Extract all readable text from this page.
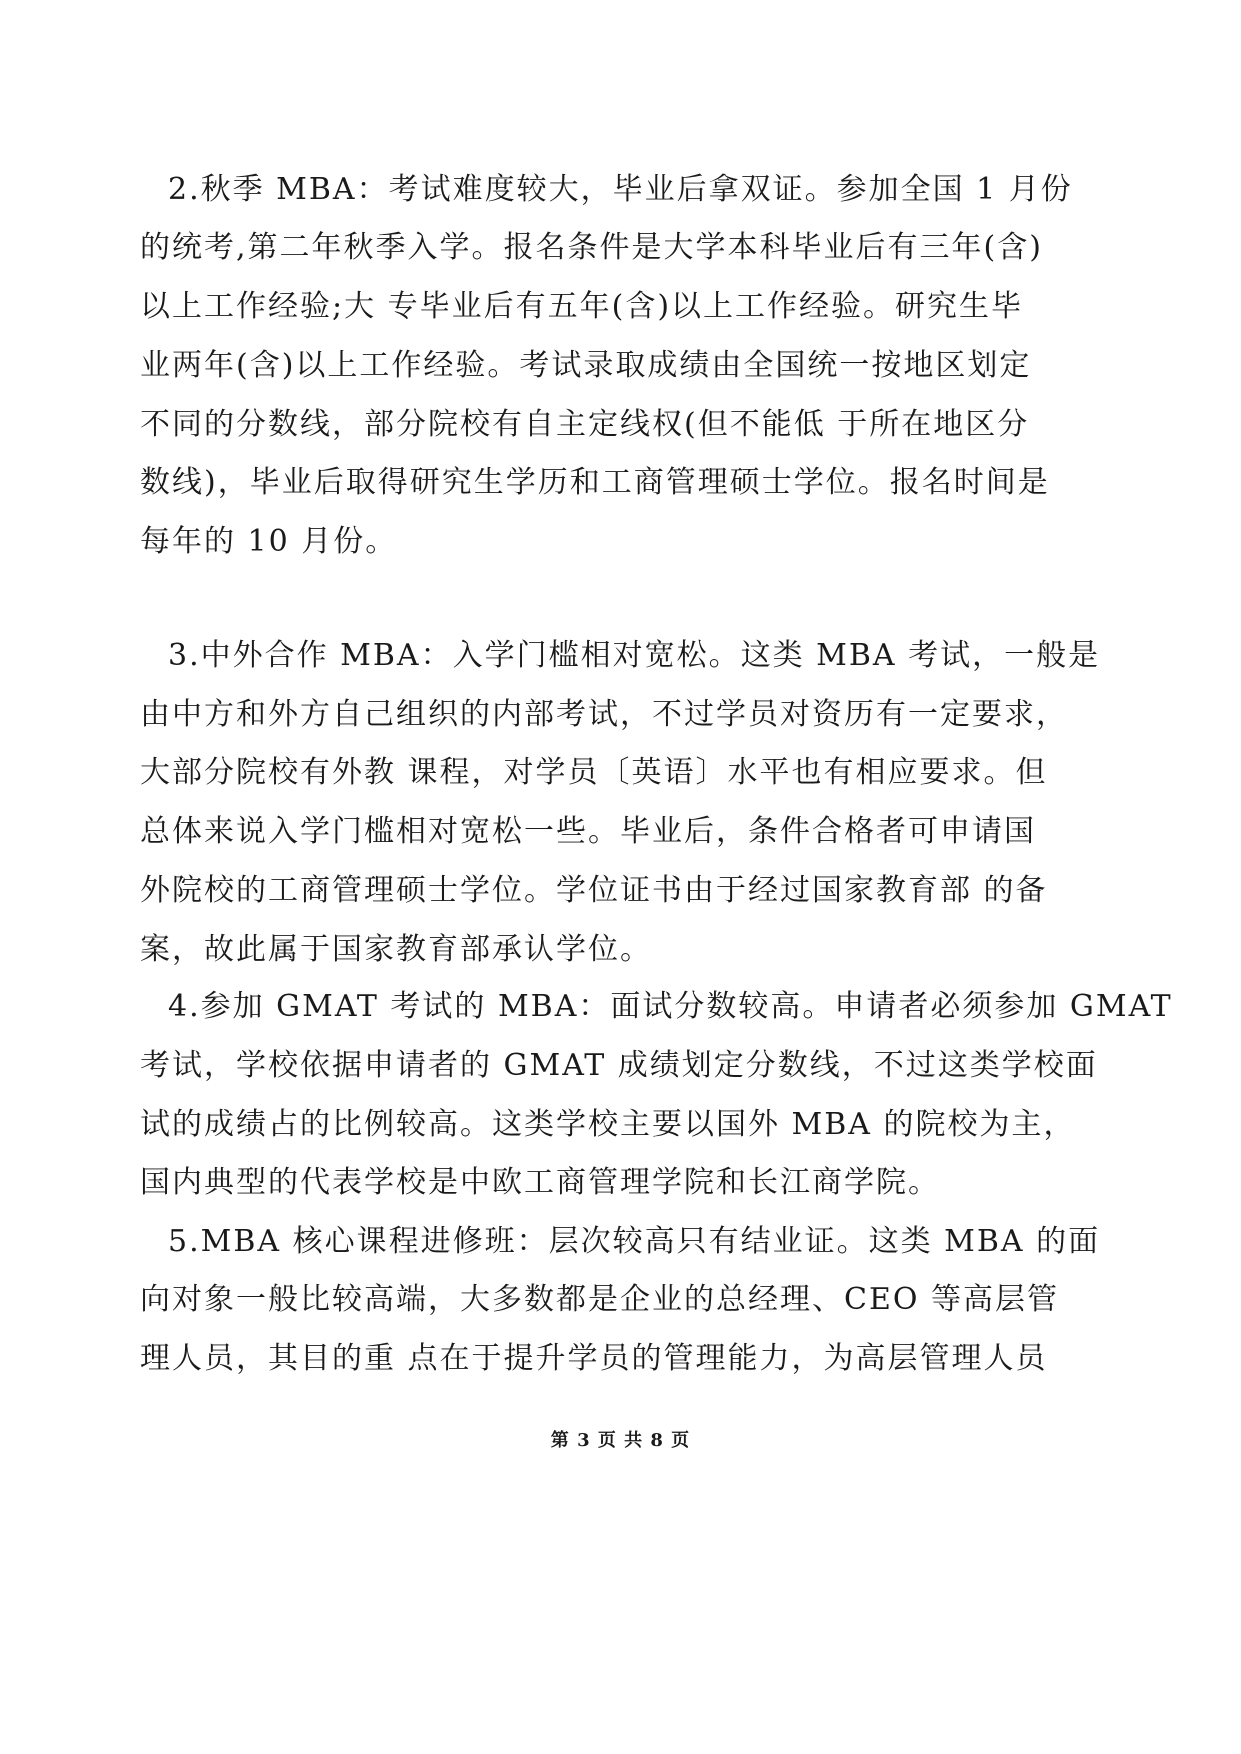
2.秋季 MBA：考试难度较大，毕业后拿双证。参加全国 1 月份

的统考,第二年秋季入学。报名条件是大学本科毕业后有三年(含)

以上工作经验;大 专毕业后有五年(含)以上工作经验。研究生毕

业两年(含)以上工作经验。考试录取成绩由全国统一按地区划定

不同的分数线，部分院校有自主定线权(但不能低 于所在地区分

数线)，毕业后取得研究生学历和工商管理硕士学位。报名时间是

每年的 10 月份。

3.中外合作 MBA：入学门槛相对宽松。这类 MBA 考试，一般是

由中方和外方自己组织的内部考试，不过学员对资历有一定要求，

大部分院校有外教 课程，对学员〔英语〕水平也有相应要求。但

总体来说入学门槛相对宽松一些。毕业后，条件合格者可申请国

外院校的工商管理硕士学位。学位证书由于经过国家教育部 的备

案，故此属于国家教育部承认学位。

4.参加 GMAT 考试的 MBA：面试分数较高。申请者必须参加 GMAT

考试，学校依据申请者的 GMAT 成绩划定分数线，不过这类学校面

试的成绩占的比例较高。这类学校主要以国外 MBA 的院校为主，

国内典型的代表学校是中欧工商管理学院和长江商学院。

5.MBA 核心课程进修班：层次较高只有结业证。这类 MBA 的面

向对象一般比较高端，大多数都是企业的总经理、CEO 等高层管

理人员，其目的重 点在于提升学员的管理能力，为高层管理人员

第 3 页 共 8 页
